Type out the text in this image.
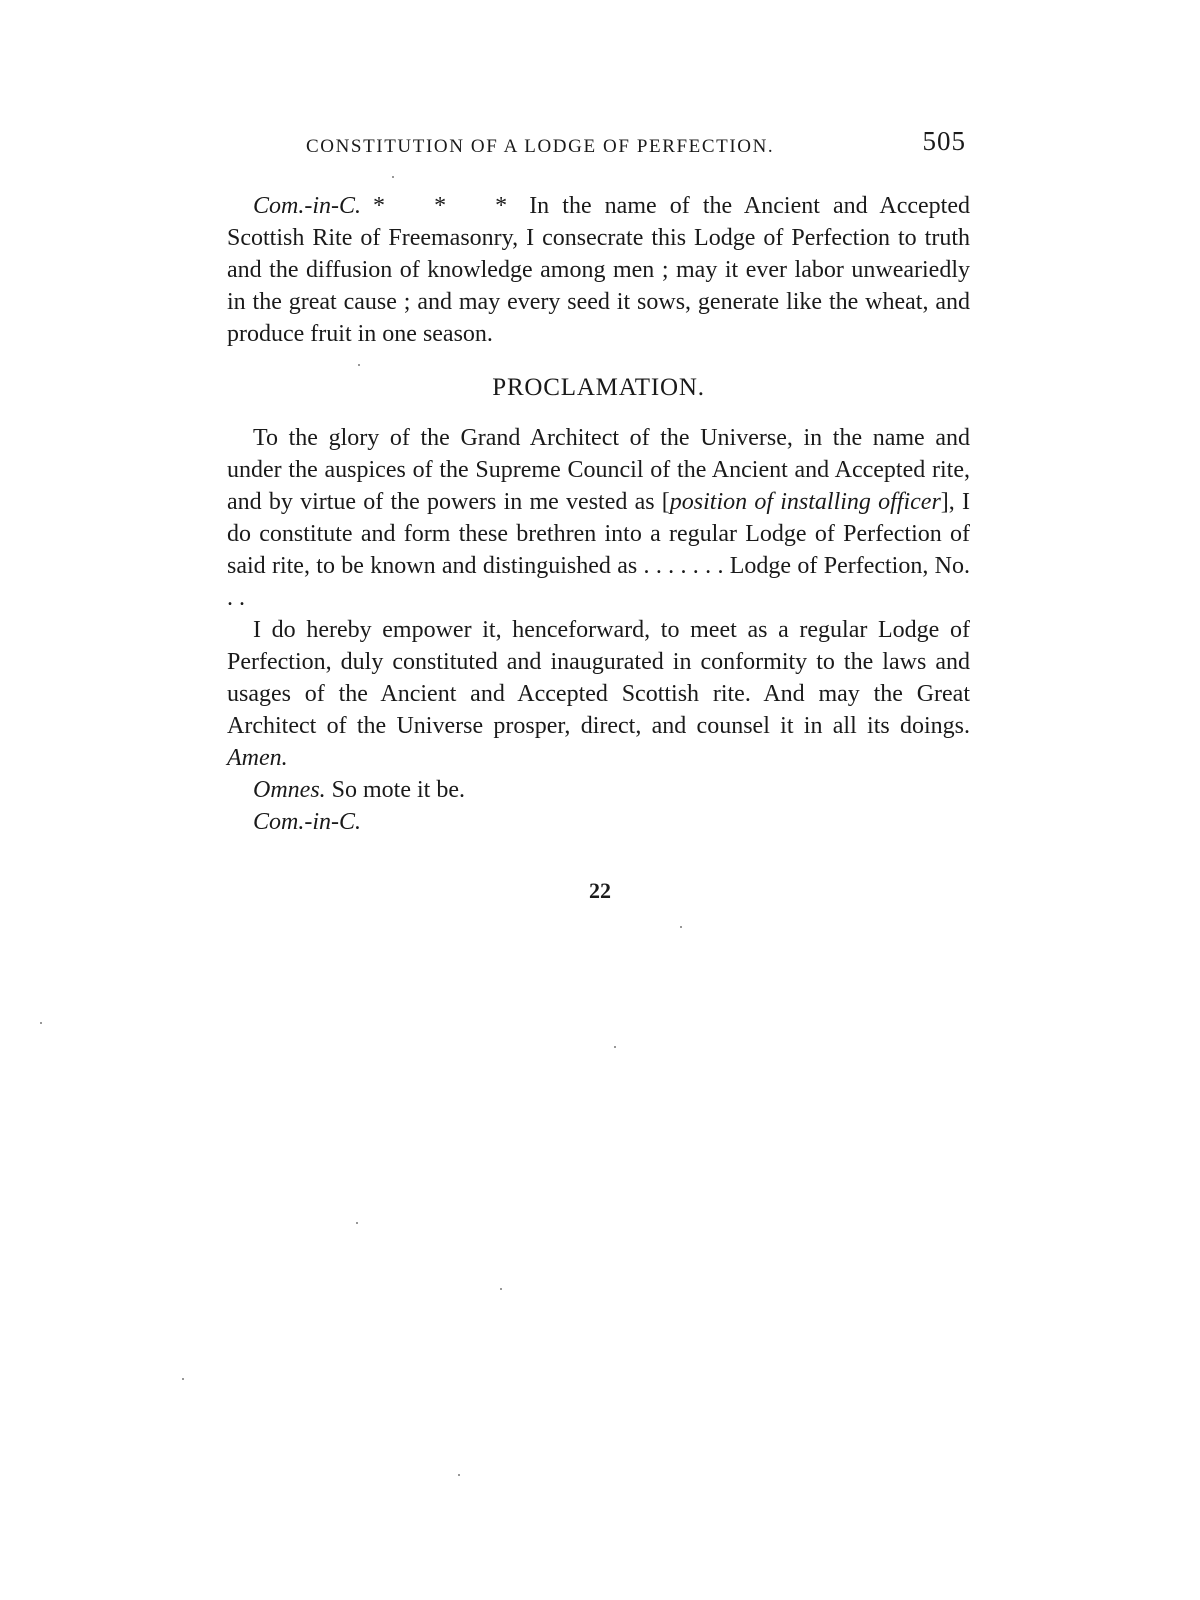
CONSTITUTION OF A LODGE OF PERFECTION.	505

Com.-in-C. * * * In the name of the Ancient and Accepted Scottish Rite of Freemasonry, I consecrate this Lodge of Perfection to truth and the diffusion of knowledge among men ; may it ever labor unweariedly in the great cause ; and may every seed it sows, generate like the wheat, and produce fruit in one season.

PROCLAMATION.

To the glory of the Grand Architect of the Universe, in the name and under the auspices of the Supreme Council of the Ancient and Accepted rite, and by virtue of the powers in me vested as [position of installing officer], I do constitute and form these brethren into a regular Lodge of Perfection of said rite, to be known and distinguished as . . . . . . . Lodge of Perfection, No. . .

I do hereby empower it, henceforward, to meet as a regular Lodge of Perfection, duly constituted and inaugurated in conformity to the laws and usages of the Ancient and Accepted Scottish rite. And may the Great Architect of the Universe prosper, direct, and counsel it in all its doings. Amen.

Omnes. So mote it be.

Com.-in-C.

22
